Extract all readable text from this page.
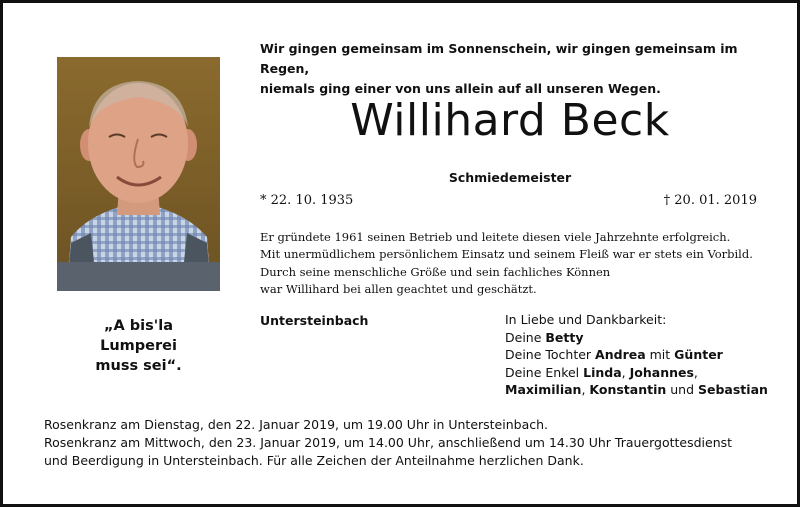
„A bis'la
Lumperei
muss sei“.
Wir gingen gemeinsam im Sonnenschein, wir gingen gemeinsam im Regen,
niemals ging einer von uns allein auf all unseren Wegen.
Willihard Beck
Schmiedemeister
* 22. 10. 1935	† 20. 01. 2019
Er gründete 1961 seinen Betrieb und leitete diesen viele Jahrzehnte erfolgreich.
Mit unermüdlichem persönlichem Einsatz und seinem Fleiß war er stets ein Vorbild.
Durch seine menschliche Größe und sein fachliches Können
war Willihard bei allen geachtet und geschätzt.
Untersteinbach	In Liebe und Dankbarkeit:
Deine Betty
Deine Tochter Andrea mit Günter
Deine Enkel Linda, Johannes,
Maximilian, Konstantin und Sebastian
Rosenkranz am Dienstag, den 22. Januar 2019, um 19.00 Uhr in Untersteinbach.
Rosenkranz am Mittwoch, den 23. Januar 2019, um 14.00 Uhr, anschließend um 14.30 Uhr Trauergottesdienst
und Beerdigung in Untersteinbach. Für alle Zeichen der Anteilnahme herzlichen Dank.
